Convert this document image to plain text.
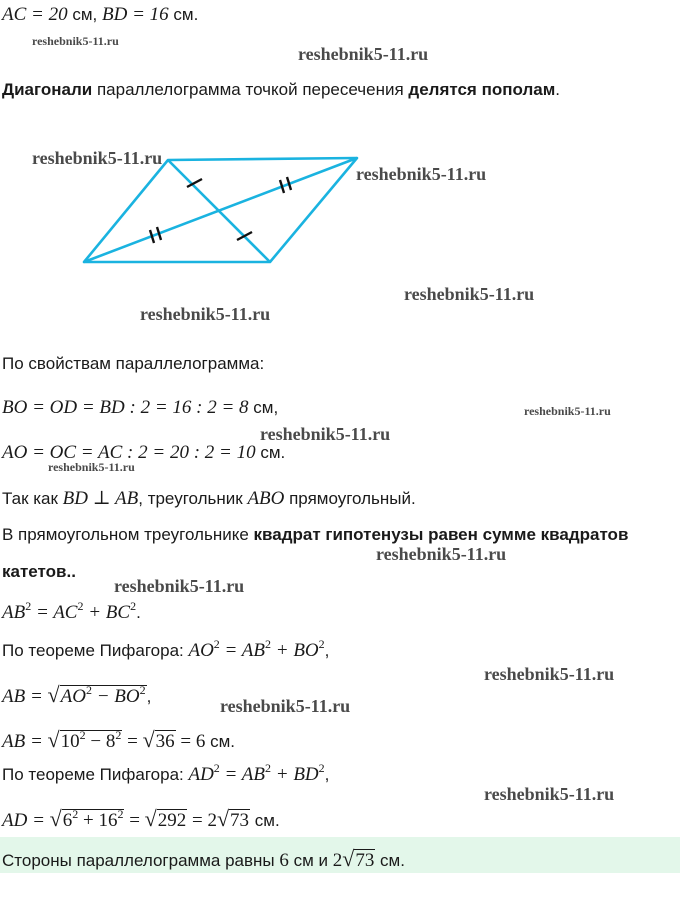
AC = 20 см, BD = 16 см.
reshebnik5-11.ru
reshebnik5-11.ru
Диагонали параллелограмма точкой пересечения делятся пополам.
reshebnik5-11.ru
reshebnik5-11.ru
reshebnik5-11.ru
reshebnik5-11.ru
По свойствам параллелограмма:
BO = OD = BD : 2 = 16 : 2 = 8 см,	reshebnik5-11.ru
reshebnik5-11.ru
AO = OC = AC : 2 = 20 : 2 = 10 см.
reshebnik5-11.ru
Так как BD ⊥ AB, треугольник ABO прямоугольный.
В прямоугольном треугольнике квадрат гипотенузы равен сумме квадратов
reshebnik5-11.ru
катетов..
reshebnik5-11.ru
$AB^2 = AC^2 + BC^2$.
По теореме Пифагора: $AO^2 = AB^2 + BO^2$,
reshebnik5-11.ru
AB = $√AO^2 - BO^2$,	reshebnik5-11.ru
AB = $√10^2 - 8^2 = √36 = 6$ см.
По теореме Пифагора: $AD^2 = AB^2 + BD^2$,
reshebnik5-11.ru
AD = $√6^2 + 16^2 = √292 = 2√73$ см.
Стороны параллелограмма равны 6 см и 2√73 см.
